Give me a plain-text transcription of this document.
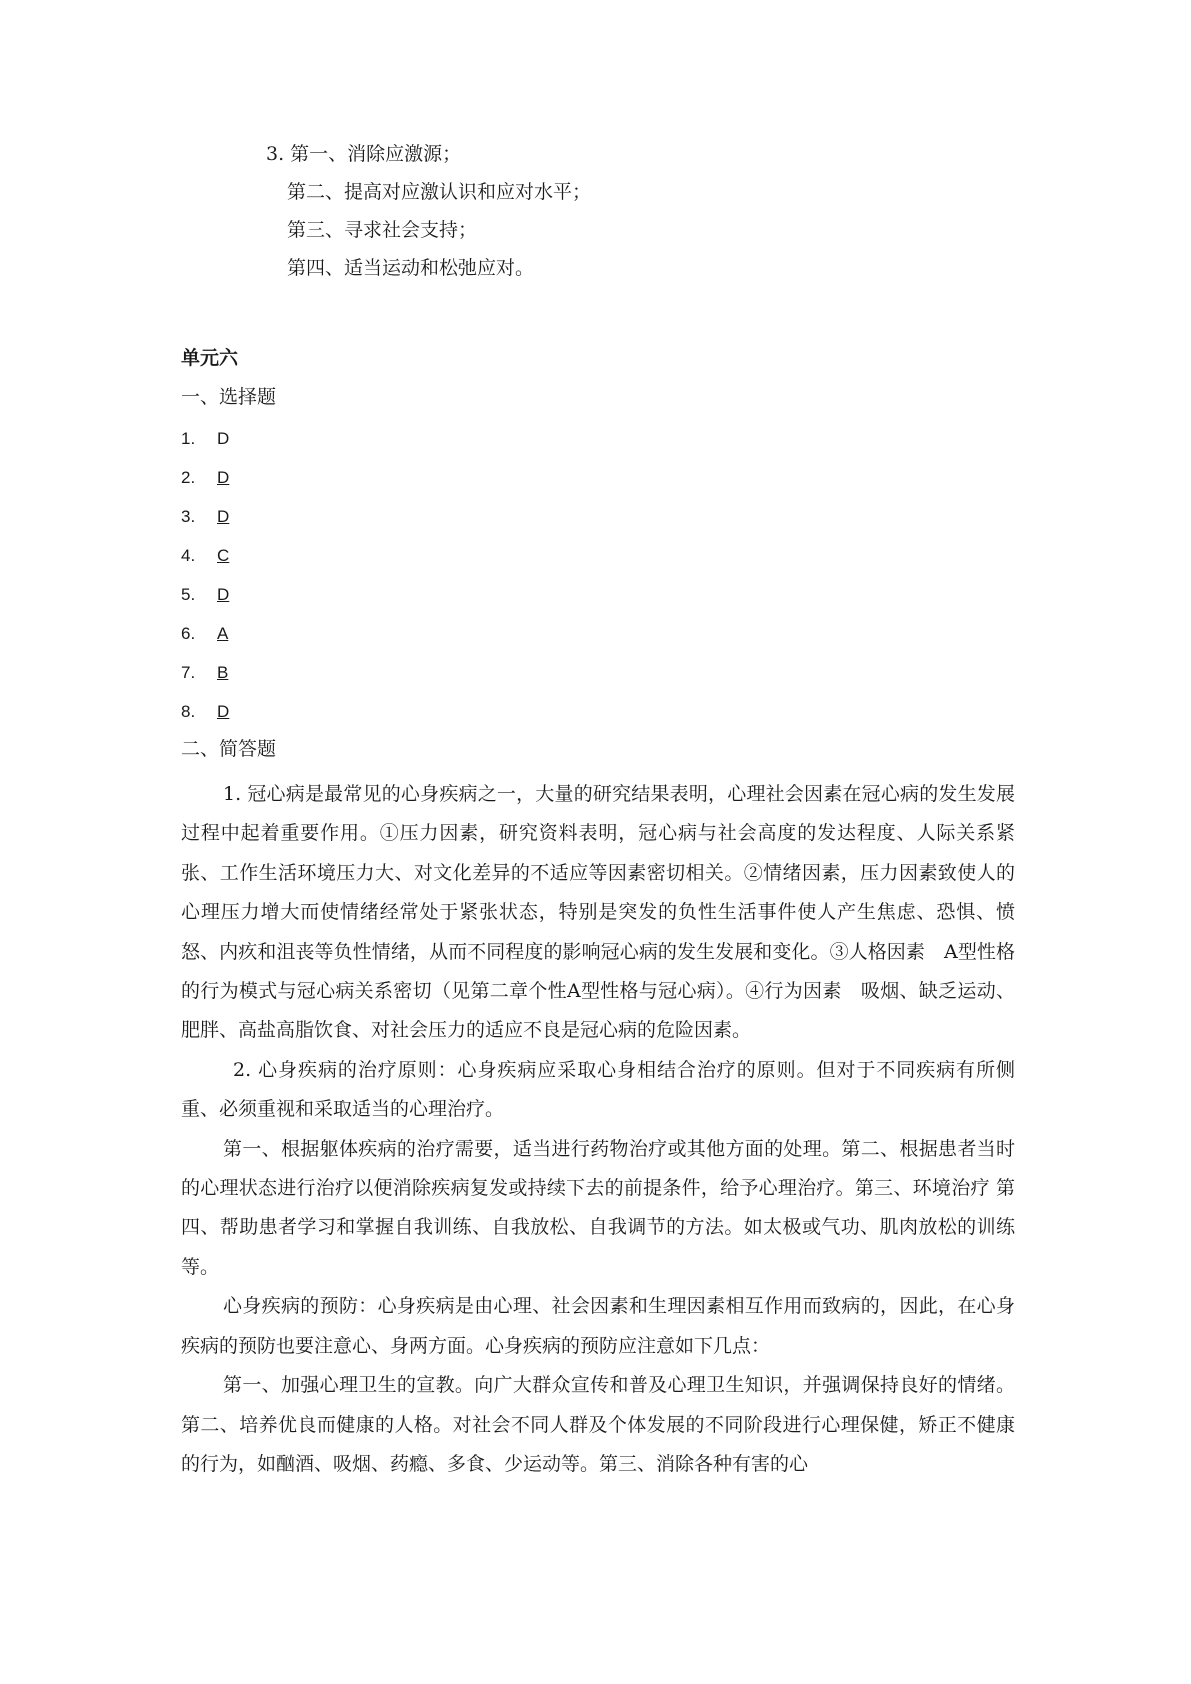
3. 第一、消除应激源；
第二、提高对应激认识和应对水平；
第三、寻求社会支持；
第四、适当运动和松弛应对。
单元六
一、选择题
1. D
2. D
3. D
4. C
5. D
6. A
7. B
8. D
二、简答题

1. 冠心病是最常见的心身疾病之一，大量的研究结果表明，心理社会因素在冠心病的发生发展过程中起着重要作用。①压力因素，研究资料表明，冠心病与社会高度的发达程度、人际关系紧张、工作生活环境压力大、对文化差异的不适应等因素密切相关。②情绪因素，压力因素致使人的心理压力增大而使情绪经常处于紧张状态，特别是突发的负性生活事件使人产生焦虑、恐惧、愤怒、内疚和沮丧等负性情绪，从而不同程度的影响冠心病的发生发展和变化。③人格因素　A型性格的行为模式与冠心病关系密切（见第二章个性A型性格与冠心病）。④行为因素　吸烟、缺乏运动、肥胖、高盐高脂饮食、对社会压力的适应不良是冠心病的危险因素。

2. 心身疾病的治疗原则：心身疾病应采取心身相结合治疗的原则。但对于不同疾病有所侧重、必须重视和采取适当的心理治疗。

第一、根据躯体疾病的治疗需要，适当进行药物治疗或其他方面的处理。第二、根据患者当时的心理状态进行治疗以便消除疾病复发或持续下去的前提条件，给予心理治疗。第三、环境治疗 第四、帮助患者学习和掌握自我训练、自我放松、自我调节的方法。如太极或气功、肌肉放松的训练等。

心身疾病的预防：心身疾病是由心理、社会因素和生理因素相互作用而致病的，因此，在心身疾病的预防也要注意心、身两方面。心身疾病的预防应注意如下几点：

第一、加强心理卫生的宣教。向广大群众宣传和普及心理卫生知识，并强调保持良好的情绪。 第二、培养优良而健康的人格。对社会不同人群及个体发展的不同阶段进行心理保健，矫正不健康的行为，如酗酒、吸烟、药瘾、多食、少运动等。第三、消除各种有害的心
